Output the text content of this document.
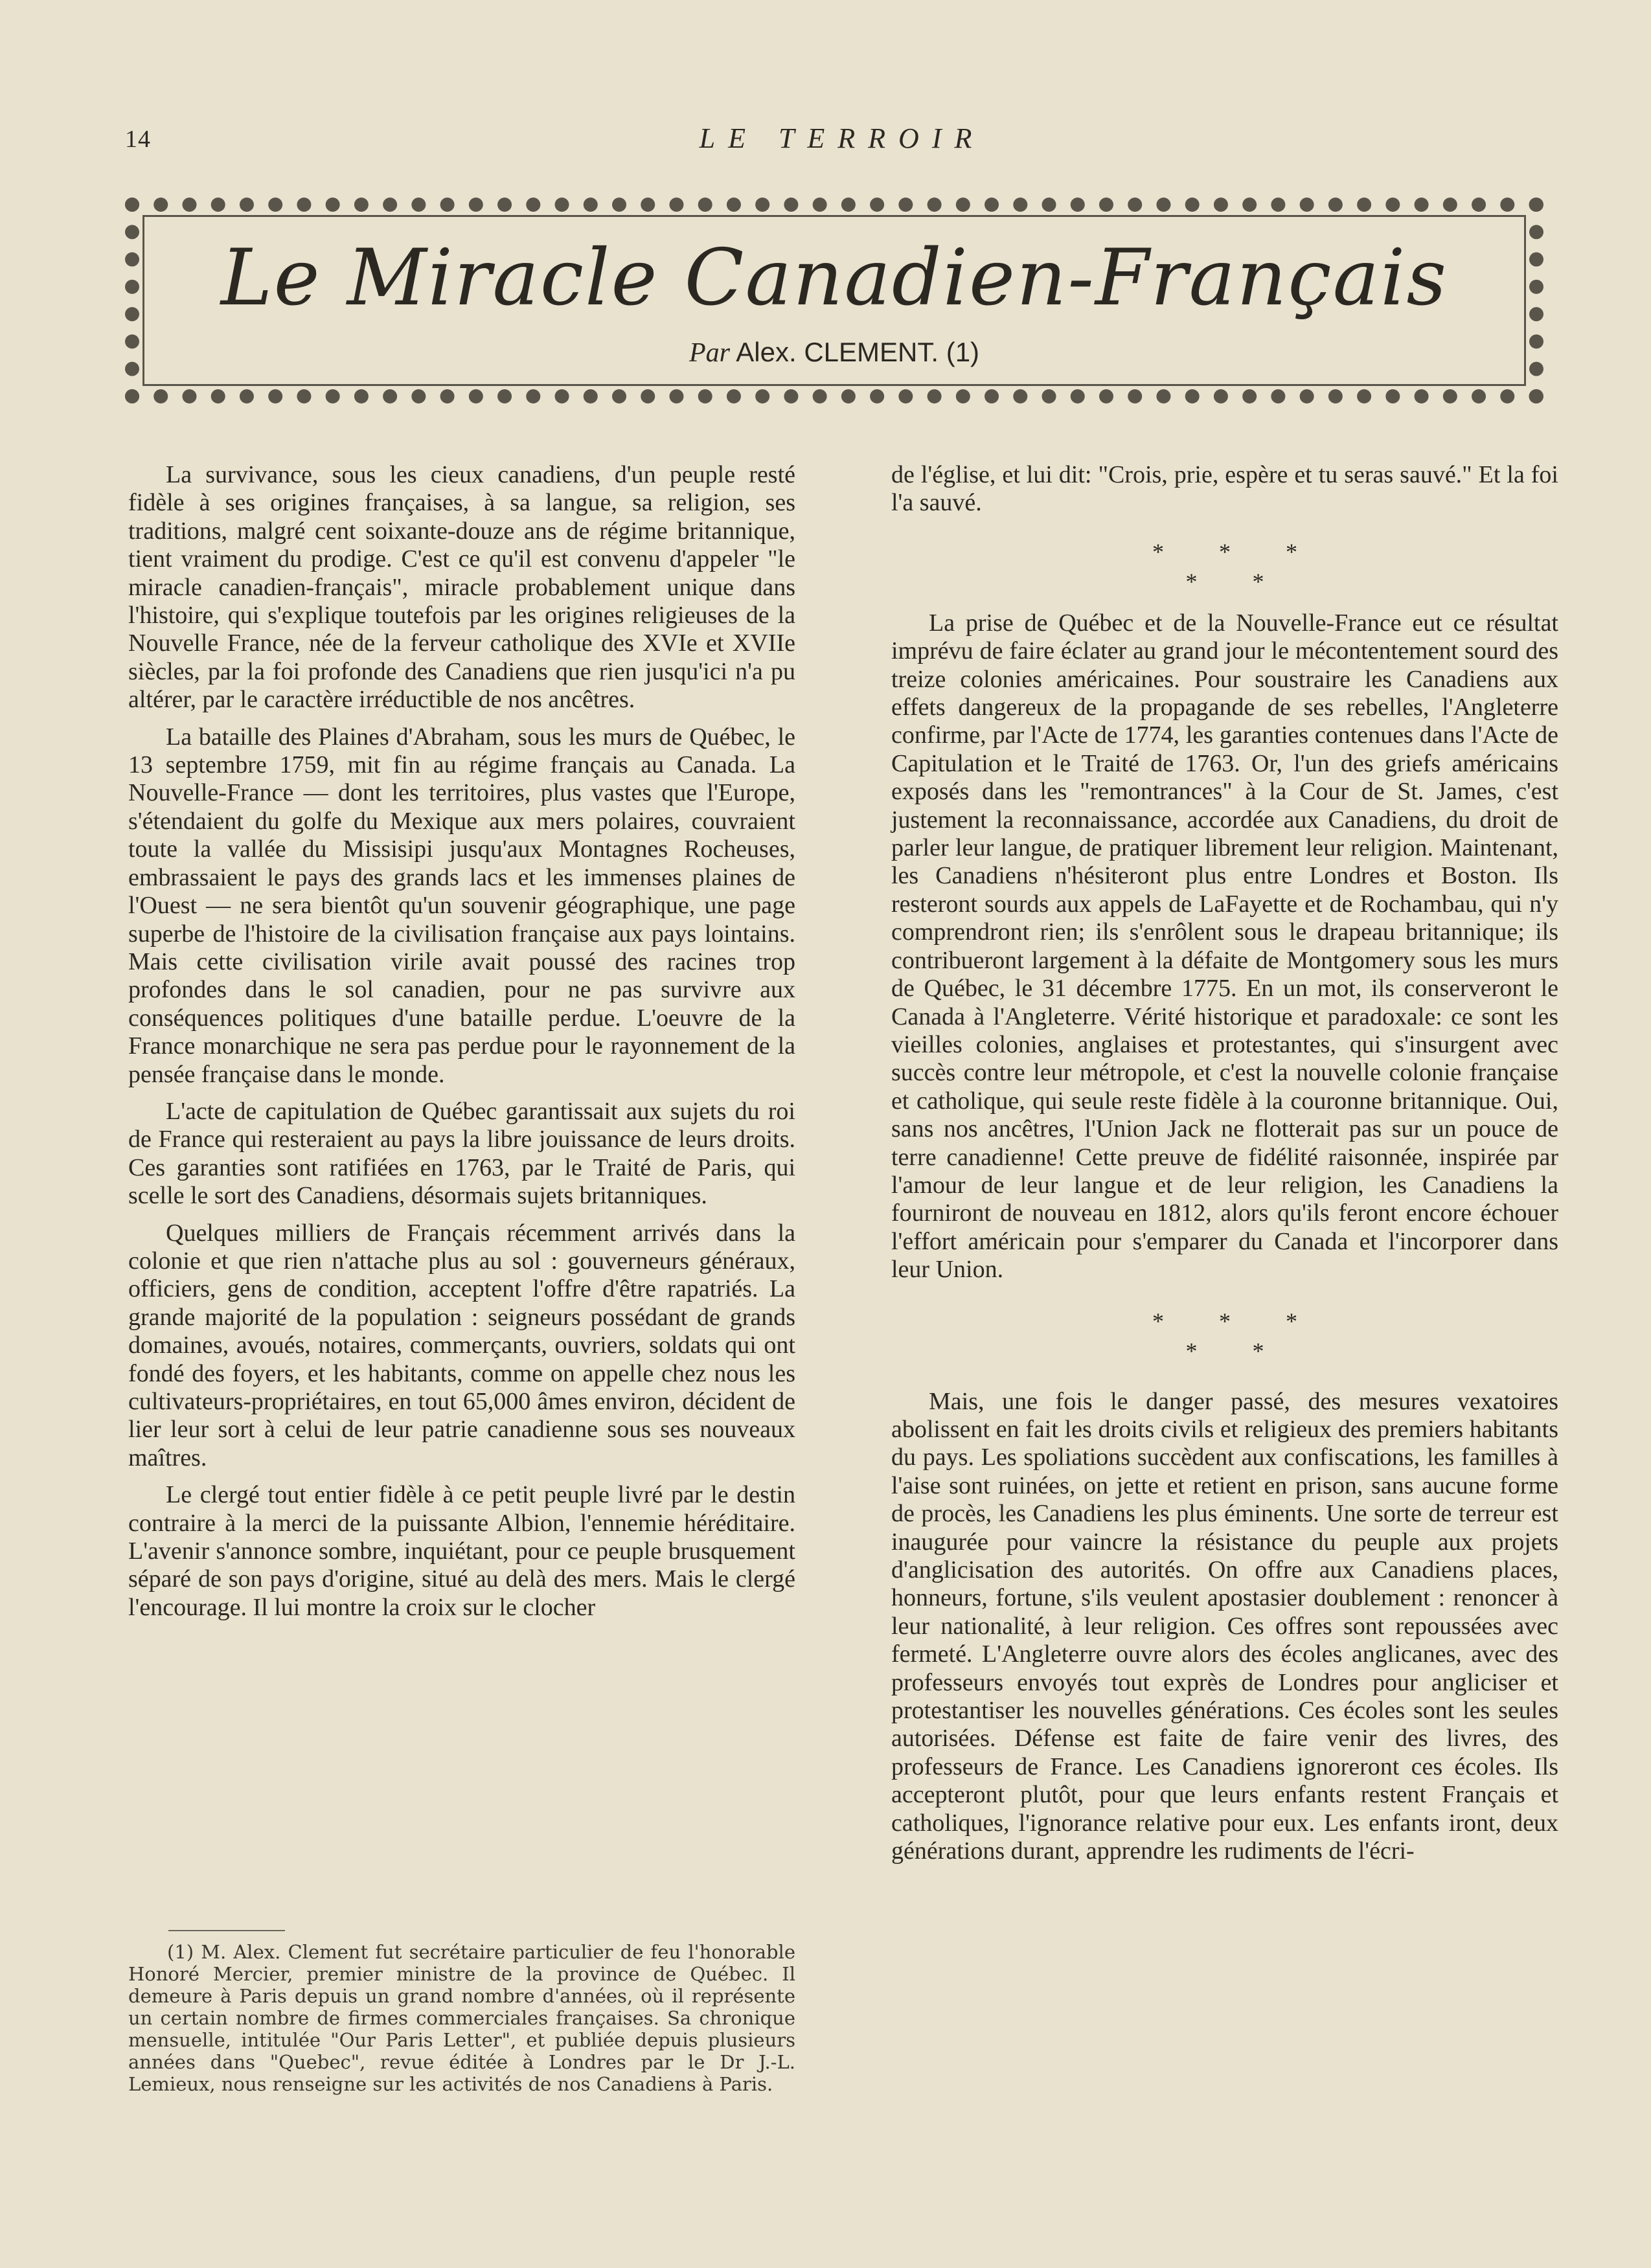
14	LE TERROIR
Le Miracle Canadien-Français
Par Alex. CLEMENT. (1)

La survivance, sous les cieux canadiens, d'un peuple resté fidèle à ses origines françaises, à sa langue, sa religion, ses traditions, malgré cent soixante-douze ans de régime britannique, tient vraiment du prodige. C'est ce qu'il est convenu d'appeler "le miracle canadien-français", miracle probablement unique dans l'histoire, qui s'explique toutefois par les origines religieuses de la Nouvelle France, née de la ferveur catholique des XVIe et XVIIe siècles, par la foi profonde des Canadiens que rien jusqu'ici n'a pu altérer, par le caractère irréductible de nos ancêtres.

La bataille des Plaines d'Abraham, sous les murs de Québec, le 13 septembre 1759, mit fin au régime français au Canada. La Nouvelle-France — dont les territoires, plus vastes que l'Europe, s'étendaient du golfe du Mexique aux mers polaires, couvraient toute la vallée du Missisipi jusqu'aux Montagnes Rocheuses, embrassaient le pays des grands lacs et les immenses plaines de l'Ouest — ne sera bientôt qu'un souvenir géographique, une page superbe de l'histoire de la civilisation française aux pays lointains. Mais cette civilisation virile avait poussé des racines trop profondes dans le sol canadien, pour ne pas survivre aux conséquences politiques d'une bataille perdue. L'oeuvre de la France monarchique ne sera pas perdue pour le rayonnement de la pensée française dans le monde.

L'acte de capitulation de Québec garantissait aux sujets du roi de France qui resteraient au pays la libre jouissance de leurs droits. Ces garanties sont ratifiées en 1763, par le Traité de Paris, qui scelle le sort des Canadiens, désormais sujets britanniques.

Quelques milliers de Français récemment arrivés dans la colonie et que rien n'attache plus au sol : gouverneurs généraux, officiers, gens de condition, acceptent l'offre d'être rapatriés. La grande majorité de la population : seigneurs possédant de grands domaines, avoués, notaires, commerçants, ouvriers, soldats qui ont fondé des foyers, et les habitants, comme on appelle chez nous les cultivateurs-propriétaires, en tout 65,000 âmes environ, décident de lier leur sort à celui de leur patrie canadienne sous ses nouveaux maîtres.

Le clergé tout entier fidèle à ce petit peuple livré par le destin contraire à la merci de la puissante Albion, l'ennemie héréditaire. L'avenir s'annonce sombre, inquiétant, pour ce peuple brusquement séparé de son pays d'origine, situé au delà des mers. Mais le clergé l'encourage. Il lui montre la croix sur le clocher

de l'église, et lui dit: "Crois, prie, espère et tu seras sauvé." Et la foi l'a sauvé.

* * *
* *

La prise de Québec et de la Nouvelle-France eut ce résultat imprévu de faire éclater au grand jour le mécontentement sourd des treize colonies américaines. Pour soustraire les Canadiens aux effets dangereux de la propagande de ses rebelles, l'Angleterre confirme, par l'Acte de 1774, les garanties contenues dans l'Acte de Capitulation et le Traité de 1763. Or, l'un des griefs américains exposés dans les "remontrances" à la Cour de St. James, c'est justement la reconnaissance, accordée aux Canadiens, du droit de parler leur langue, de pratiquer librement leur religion. Maintenant, les Canadiens n'hésiteront plus entre Londres et Boston. Ils resteront sourds aux appels de LaFayette et de Rochambau, qui n'y comprendront rien; ils s'enrôlent sous le drapeau britannique; ils contribueront largement à la défaite de Montgomery sous les murs de Québec, le 31 décembre 1775. En un mot, ils conserveront le Canada à l'Angleterre. Vérité historique et paradoxale: ce sont les vieilles colonies, anglaises et protestantes, qui s'insurgent avec succès contre leur métropole, et c'est la nouvelle colonie française et catholique, qui seule reste fidèle à la couronne britannique. Oui, sans nos ancêtres, l'Union Jack ne flotterait pas sur un pouce de terre canadienne! Cette preuve de fidélité raisonnée, inspirée par l'amour de leur langue et de leur religion, les Canadiens la fourniront de nouveau en 1812, alors qu'ils feront encore échouer l'effort américain pour s'emparer du Canada et l'incorporer dans leur Union.

* * *
* *

Mais, une fois le danger passé, des mesures vexatoires abolissent en fait les droits civils et religieux des premiers habitants du pays. Les spoliations succèdent aux confiscations, les familles à l'aise sont ruinées, on jette et retient en prison, sans aucune forme de procès, les Canadiens les plus éminents. Une sorte de terreur est inaugurée pour vaincre la résistance du peuple aux projets d'anglicisation des autorités. On offre aux Canadiens places, honneurs, fortune, s'ils veulent apostasier doublement : renoncer à leur nationalité, à leur religion. Ces offres sont repoussées avec fermeté. L'Angleterre ouvre alors des écoles anglicanes, avec des professeurs envoyés tout exprès de Londres pour angliciser et protestantiser les nouvelles générations. Ces écoles sont les seules autorisées. Défense est faite de faire venir des livres, des professeurs de France. Les Canadiens ignoreront ces écoles. Ils accepteront plutôt, pour que leurs enfants restent Français et catholiques, l'ignorance relative pour eux. Les enfants iront, deux générations durant, apprendre les rudiments de l'écri-

(1) M. Alex. Clement fut secrétaire particulier de feu l'honorable Honoré Mercier, premier ministre de la province de Québec. Il demeure à Paris depuis un grand nombre d'années, où il représente un certain nombre de firmes commerciales françaises. Sa chronique mensuelle, intitulée "Our Paris Letter", et publiée depuis plusieurs années dans "Quebec", revue éditée à Londres par le Dr J.-L. Lemieux, nous renseigne sur les activités de nos Canadiens à Paris.
